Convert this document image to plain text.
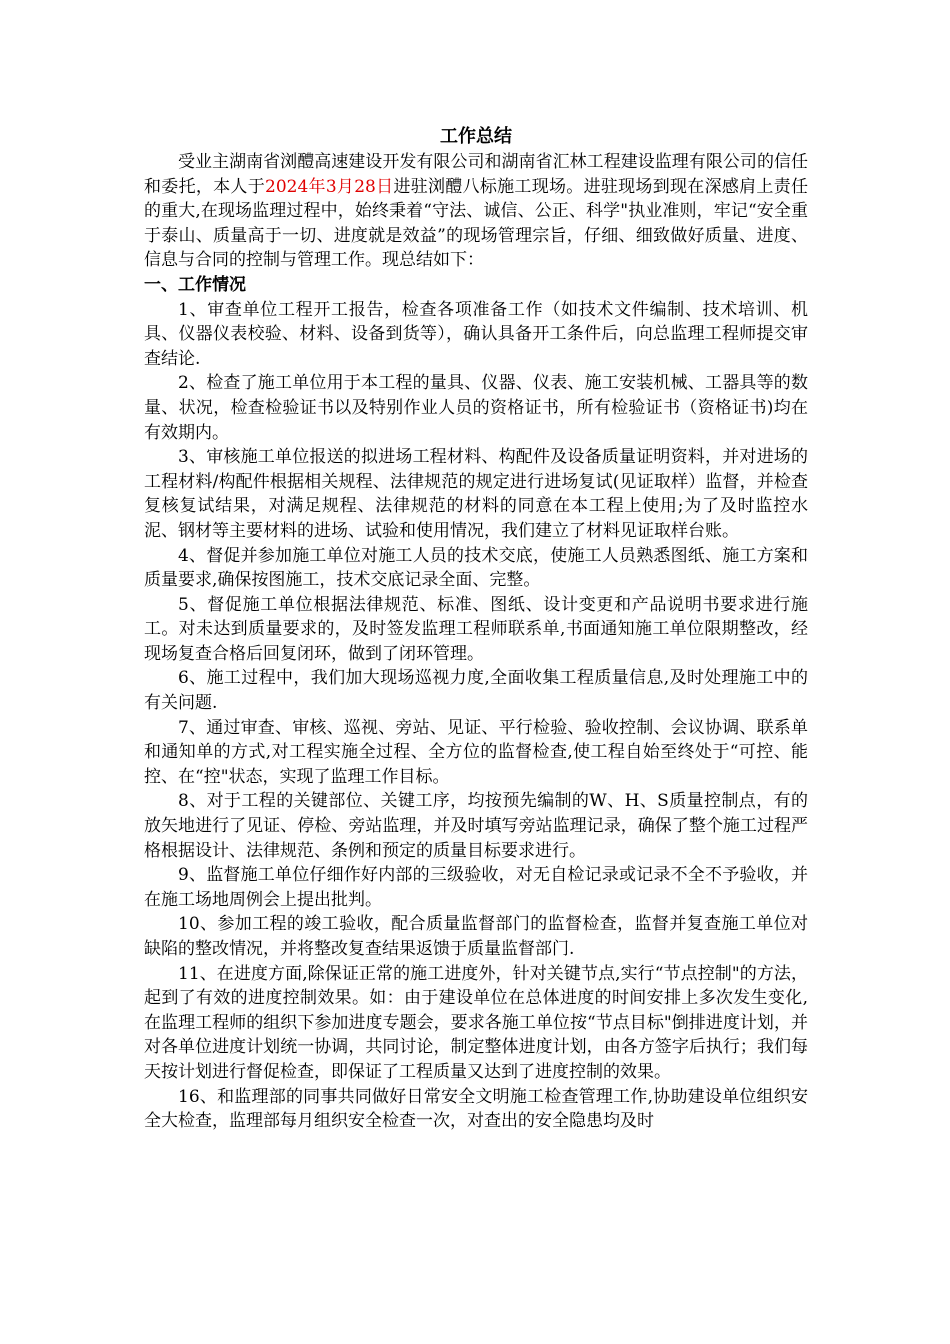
工作总结

受业主湖南省浏醴高速建设开发有限公司和湖南省汇林工程建设监理有限公司的信任和委托，本人于2024年3月28日进驻浏醴八标施工现场。进驻现场到现在深感肩上责任的重大,在现场监理过程中，始终秉着“守法、诚信、公正、科学"执业准则，牢记“安全重于泰山、质量高于一切、进度就是效益”的现场管理宗旨，仔细、细致做好质量、进度、信息与合同的控制与管理工作。现总结如下：

一、工作情况

1、审查单位工程开工报告，检查各项准备工作（如技术文件编制、技术培训、机具、仪器仪表校验、材料、设备到货等），确认具备开工条件后，向总监理工程师提交审查结论.

2、检查了施工单位用于本工程的量具、仪器、仪表、施工安装机械、工器具等的数量、状况，检查检验证书以及特别作业人员的资格证书，所有检验证书（资格证书)均在有效期内。

3、审核施工单位报送的拟进场工程材料、构配件及设备质量证明资料，并对进场的工程材料/构配件根据相关规程、法律规范的规定进行进场复试(见证取样）监督，并检查复核复试结果，对满足规程、法律规范的材料的同意在本工程上使用;为了及时监控水泥、钢材等主要材料的进场、试验和使用情况，我们建立了材料见证取样台账。

4、督促并参加施工单位对施工人员的技术交底，使施工人员熟悉图纸、施工方案和质量要求,确保按图施工，技术交底记录全面、完整。

5、督促施工单位根据法律规范、标准、图纸、设计变更和产品说明书要求进行施工。对未达到质量要求的，及时签发监理工程师联系单,书面通知施工单位限期整改，经现场复查合格后回复闭环，做到了闭环管理。

6、施工过程中，我们加大现场巡视力度,全面收集工程质量信息,及时处理施工中的有关问题.

7、通过审查、审核、巡视、旁站、见证、平行检验、验收控制、会议协调、联系单和通知单的方式,对工程实施全过程、全方位的监督检查,使工程自始至终处于“可控、能控、在“控"状态，实现了监理工作目标。

8、对于工程的关键部位、关键工序，均按预先编制的W、H、S质量控制点，有的放矢地进行了见证、停检、旁站监理，并及时填写旁站监理记录，确保了整个施工过程严格根据设计、法律规范、条例和预定的质量目标要求进行。

9、监督施工单位仔细作好内部的三级验收，对无自检记录或记录不全不予验收，并在施工场地周例会上提出批判。

10、参加工程的竣工验收，配合质量监督部门的监督检查，监督并复查施工单位对缺陷的整改情况，并将整改复查结果返馈于质量监督部门.

11、在进度方面,除保证正常的施工进度外，针对关键节点,实行“节点控制"的方法，起到了有效的进度控制效果。如：由于建设单位在总体进度的时间安排上多次发生变化,在监理工程师的组织下参加进度专题会，要求各施工单位按“节点目标"倒排进度计划，并对各单位进度计划统一协调，共同讨论，制定整体进度计划，由各方签字后执行；我们每天按计划进行督促检查，即保证了工程质量又达到了进度控制的效果。

16、和监理部的同事共同做好日常安全文明施工检查管理工作,协助建设单位组织安全大检查，监理部每月组织安全检查一次，对查出的安全隐患均及时
